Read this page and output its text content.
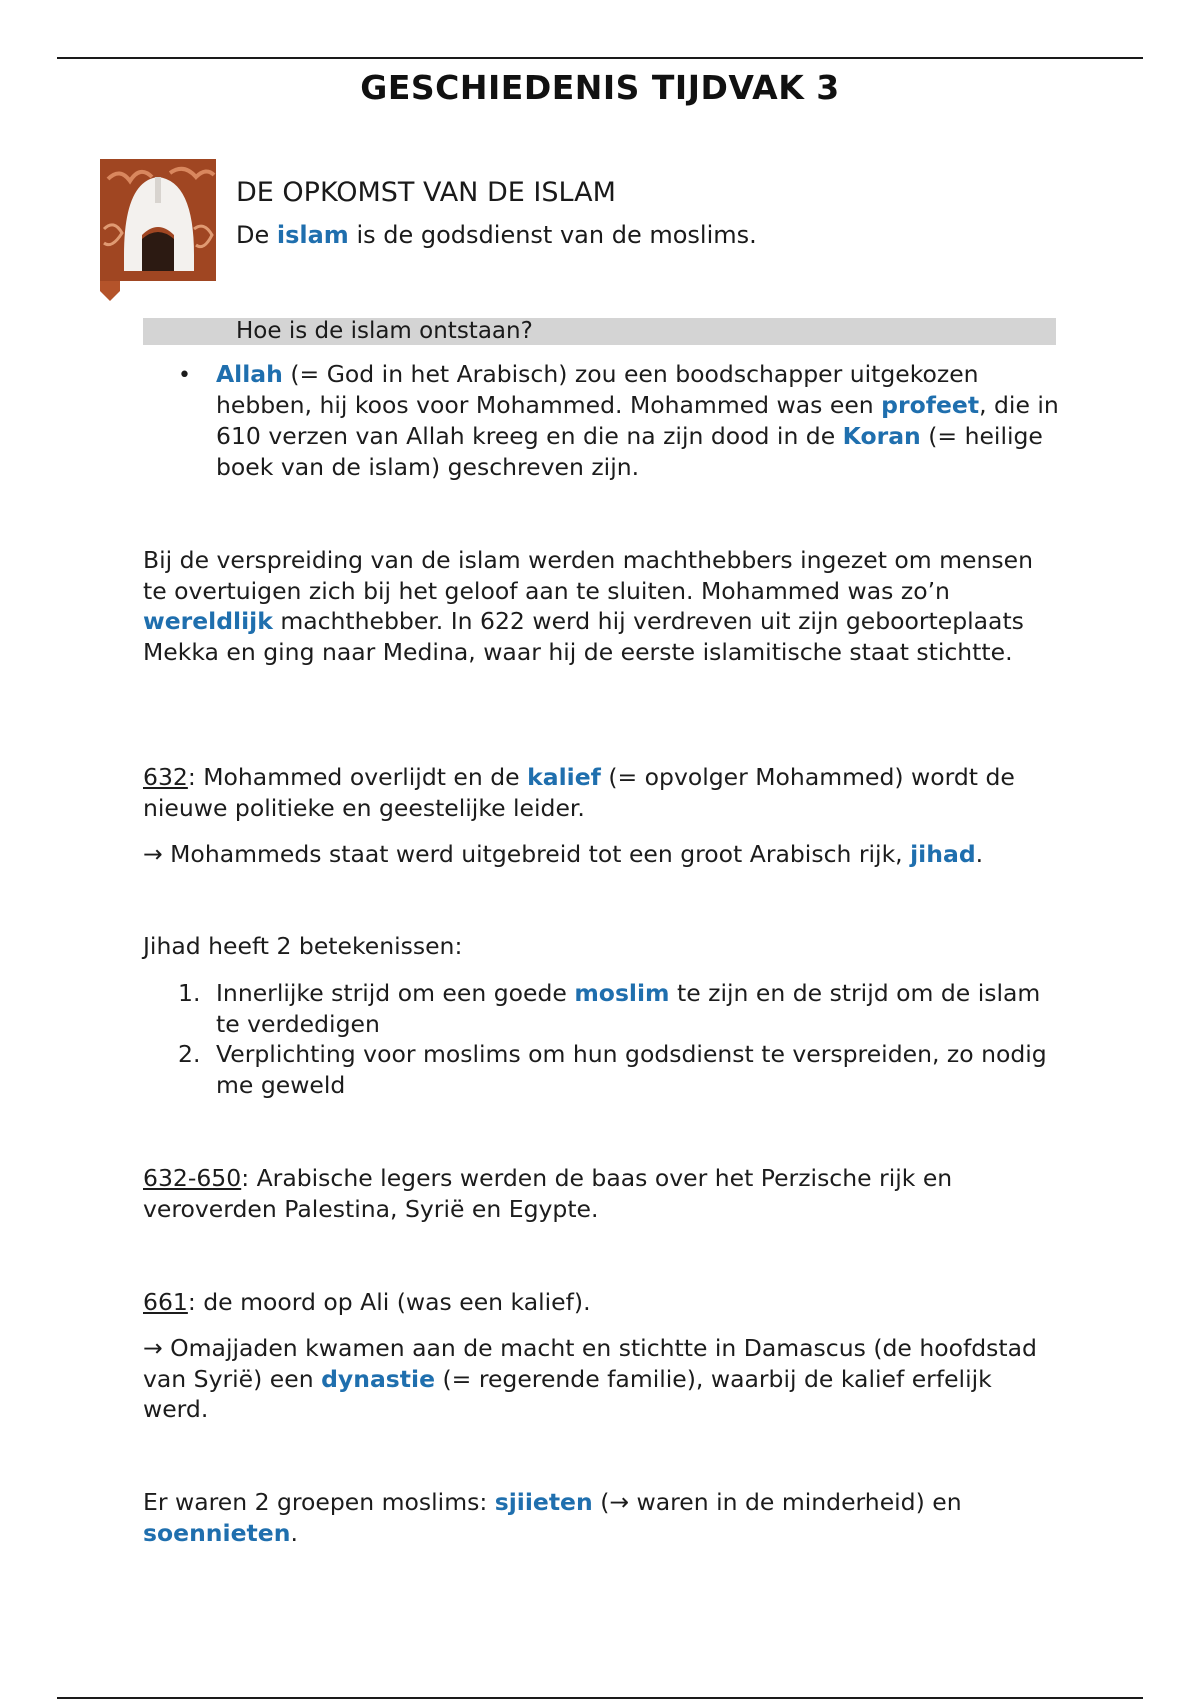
GESCHIEDENIS TIJDVAK 3
DE OPKOMST VAN DE ISLAM
De islam is de godsdienst van de moslims.
Hoe is de islam ontstaan?
• Allah (= God in het Arabisch) zou een boodschapper uitgekozen hebben, hij koos voor Mohammed. Mohammed was een profeet, die in 610 verzen van Allah kreeg en die na zijn dood in de Koran (= heilige boek van de islam) geschreven zijn.
Bij de verspreiding van de islam werden machthebbers ingezet om mensen te overtuigen zich bij het geloof aan te sluiten. Mohammed was zo’n wereldlijk machthebber. In 622 werd hij verdreven uit zijn geboorteplaats Mekka en ging naar Medina, waar hij de eerste islamitische staat stichtte.
632: Mohammed overlijdt en de kalief (= opvolger Mohammed) wordt de nieuwe politieke en geestelijke leider.
→ Mohammeds staat werd uitgebreid tot een groot Arabisch rijk, jihad.
Jihad heeft 2 betekenissen:
1. Innerlijke strijd om een goede moslim te zijn en de strijd om de islam te verdedigen
2. Verplichting voor moslims om hun godsdienst te verspreiden, zo nodig me geweld
632-650: Arabische legers werden de baas over het Perzische rijk en veroverden Palestina, Syrië en Egypte.
661: de moord op Ali (was een kalief).
→ Omajjaden kwamen aan de macht en stichtte in Damascus (de hoofdstad van Syrië) een dynastie (= regerende familie), waarbij de kalief erfelijk werd.
Er waren 2 groepen moslims: sjiieten (→ waren in de minderheid) en soennieten.
